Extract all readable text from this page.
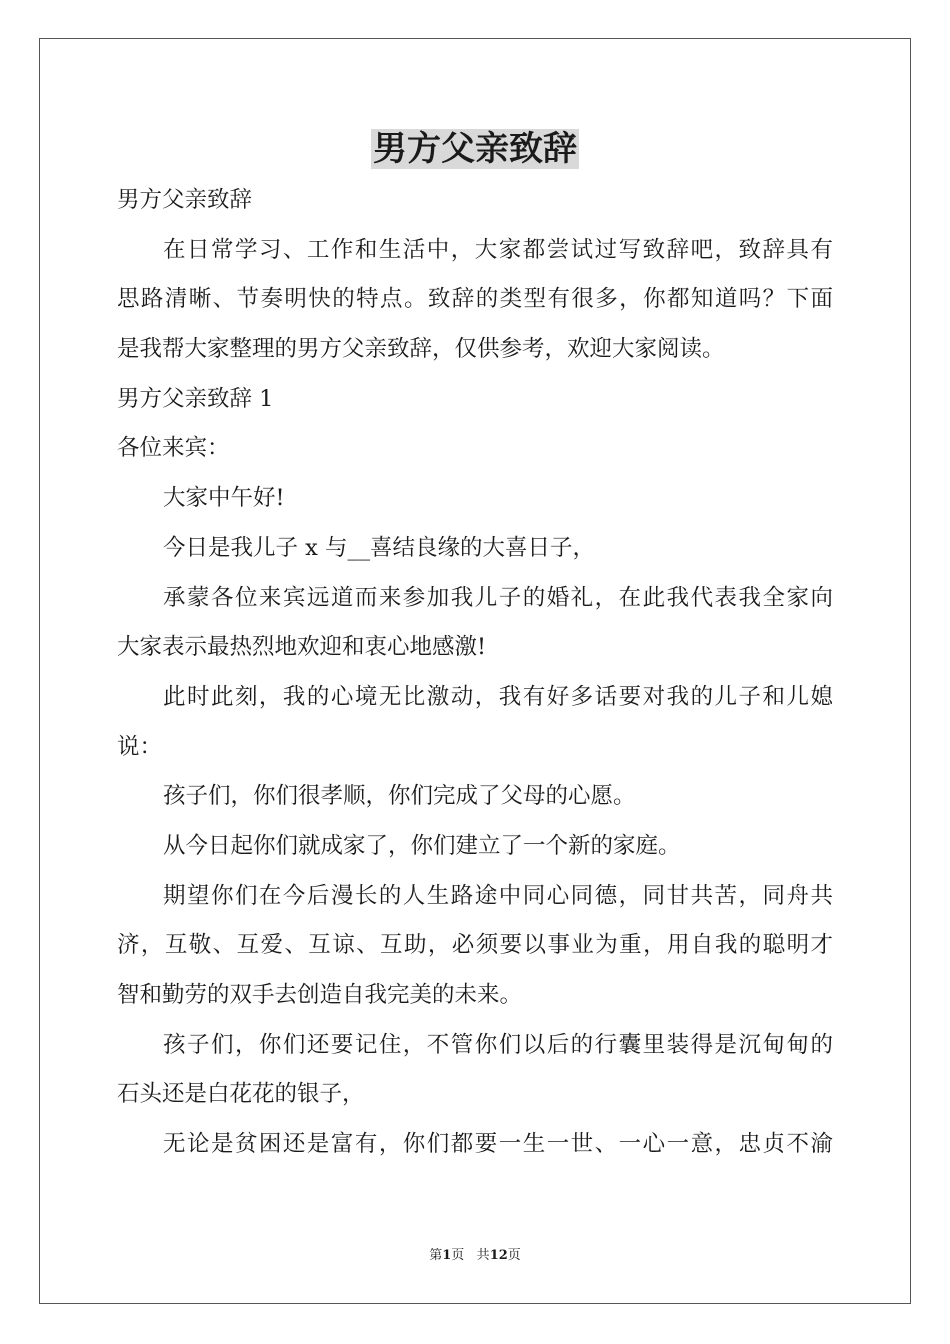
男方父亲致辞
男方父亲致辞
在日常学习、工作和生活中，大家都尝试过写致辞吧，致辞具有
思路清晰、节奏明快的特点。致辞的类型有很多，你都知道吗？下面
是我帮大家整理的男方父亲致辞，仅供参考，欢迎大家阅读。
男方父亲致辞 1
各位来宾：
大家中午好!
今日是我儿子 x 与__喜结良缘的大喜日子，
承蒙各位来宾远道而来参加我儿子的婚礼，在此我代表我全家向
大家表示最热烈地欢迎和衷心地感激!
此时此刻，我的心境无比激动，我有好多话要对我的儿子和儿媳
说：
孩子们，你们很孝顺，你们完成了父母的心愿。
从今日起你们就成家了，你们建立了一个新的家庭。
期望你们在今后漫长的人生路途中同心同德，同甘共苦，同舟共
济，互敬、互爱、互谅、互助，必须要以事业为重，用自我的聪明才
智和勤劳的双手去创造自我完美的未来。
孩子们，你们还要记住，不管你们以后的行囊里装得是沉甸甸的
石头还是白花花的银子，
无论是贫困还是富有，你们都要一生一世、一心一意，忠贞不渝
第1页 共12页
